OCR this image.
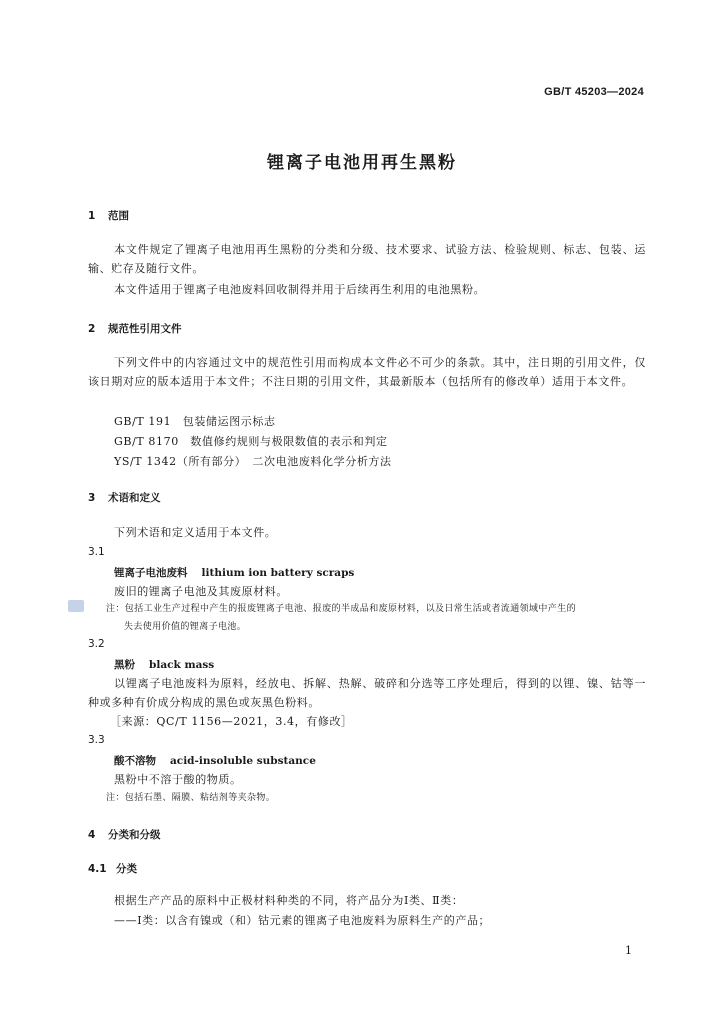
GB/T 45203—2024
锂离子电池用再生黑粉
1 范围
本文件规定了锂离子电池用再生黑粉的分类和分级、技术要求、试验方法、检验规则、标志、包装、运输、贮存及随行文件。
本文件适用于锂离子电池废料回收制得并用于后续再生利用的电池黑粉。
2 规范性引用文件
下列文件中的内容通过文中的规范性引用而构成本文件必不可少的条款。其中，注日期的引用文件，仅该日期对应的版本适用于本文件；不注日期的引用文件，其最新版本（包括所有的修改单）适用于本文件。
GB/T 191　包装储运图示标志
GB/T 8170　数值修约规则与极限数值的表示和判定
YS/T 1342（所有部分）　二次电池废料化学分析方法
3 术语和定义
下列术语和定义适用于本文件。
3.1
锂离子电池废料 lithium ion battery scraps
废旧的锂离子电池及其废原材料。
注：包括工业生产过程中产生的报废锂离子电池、报废的半成品和废原材料，以及日常生活或者流通领域中产生的
失去使用价值的锂离子电池。
3.2
黑粉 black mass
以锂离子电池废料为原料，经放电、拆解、热解、破碎和分选等工序处理后，得到的以锂、镍、钴等一种或多种有价成分构成的黑色或灰黑色粉料。
［来源：QC/T 1156—2021，3.4，有修改］
3.3
酸不溶物 acid-insoluble substance
黑粉中不溶于酸的物质。
注：包括石墨、隔膜、粘结剂等夹杂物。
4 分类和分级
4.1 分类
根据生产产品的原料中正极材料种类的不同，将产品分为Ⅰ类、Ⅱ类：
——Ⅰ类：以含有镍或（和）钴元素的锂离子电池废料为原料生产的产品；
1
